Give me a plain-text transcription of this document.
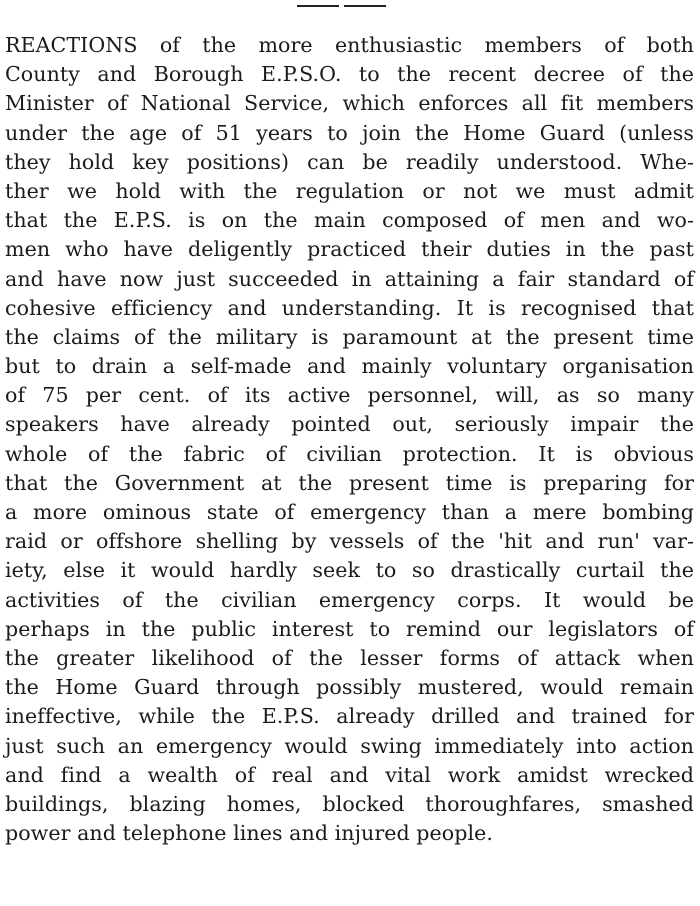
REACTIONS of the more enthusiastic members of both
County and Borough E.P.S.O. to the recent decree of the
Minister of National Service, which enforces all fit members
under the age of 51 years to join the Home Guard (unless
they hold key positions) can be readily understood. Whe-
ther we hold with the regulation or not we must admit
that the E.P.S. is on the main composed of men and wo-
men who have deligently practiced their duties in the past
and have now just succeeded in attaining a fair standard of
cohesive efficiency and understanding. It is recognised that
the claims of the military is paramount at the present time
but to drain a self-made and mainly voluntary organisation
of 75 per cent. of its active personnel, will, as so many
speakers have already pointed out, seriously impair the
whole of the fabric of civilian protection. It is obvious
that the Government at the present time is preparing for
a more ominous state of emergency than a mere bombing
raid or offshore shelling by vessels of the 'hit and run' var-
iety, else it would hardly seek to so drastically curtail the
activities of the civilian emergency corps. It would be
perhaps in the public interest to remind our legislators of
the greater likelihood of the lesser forms of attack when
the Home Guard through possibly mustered, would remain
ineffective, while the E.P.S. already drilled and trained for
just such an emergency would swing immediately into action
and find a wealth of real and vital work amidst wrecked
buildings, blazing homes, blocked thoroughfares, smashed
power and telephone lines and injured people.
